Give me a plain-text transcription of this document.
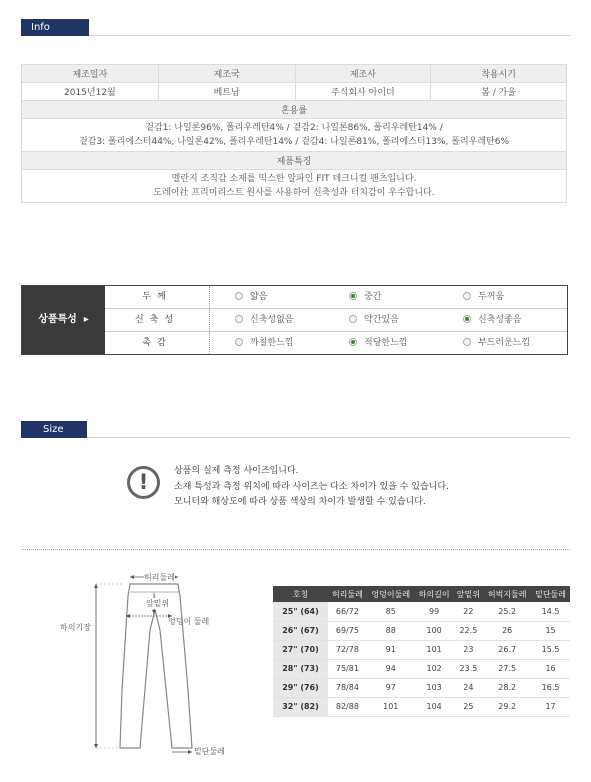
Info
제조일자	제조국	제조사	착용시기
2015년12월	베트남	주식회사 아이더	봄 / 가을
혼용률			

겉감1: 나일론96%, 폴리우레탄4% / 겉감2: 나일론86%, 폴리우레탄14% /
겉감3: 폴리에스터44%, 나일론42%, 폴리우레탄14% / 겉감4: 나일론81%, 폴리에스터13%, 폴리우레탄6%			

제품특징			

멜란지 조직감 소재를 믹스한 알파인 FIT 테크니컬 팬츠입니다.
도레이社 프리미리스트 원사를 사용하여 신축성과 터치감이 우수합니다.			
상품특성  ▸
두께	얇음	중간	두꺼움
신축성	신축성없음	약간있음	신축성좋음
촉감	까칠한느낌	적당한느낌	부드러운느낌
Size
!	상품의 실제 측정 사이즈입니다.
소재 특성과 측정 위치에 따라 사이즈는 다소 차이가 있을 수 있습니다.
모니터와 해상도에 따라 상품 색상의 차이가 발생할 수 있습니다.
허리둘레
앞밑위
엉덩이 둘레
하의기장
밑단둘레
호칭	허리둘레	엉덩이둘레	하의길이	앞밑위	허벅지둘레	밑단둘레
25" (64)	66/72	85	99	22	25.2	14.5
26" (67)	69/75	88	100	22.5	26	15
27" (70)	72/78	91	101	23	26.7	15.5
28" (73)	75/81	94	102	23.5	27.5	16
29" (76)	78/84	97	103	24	28.2	16.5
32" (82)	82/88	101	104	25	29.2	17
